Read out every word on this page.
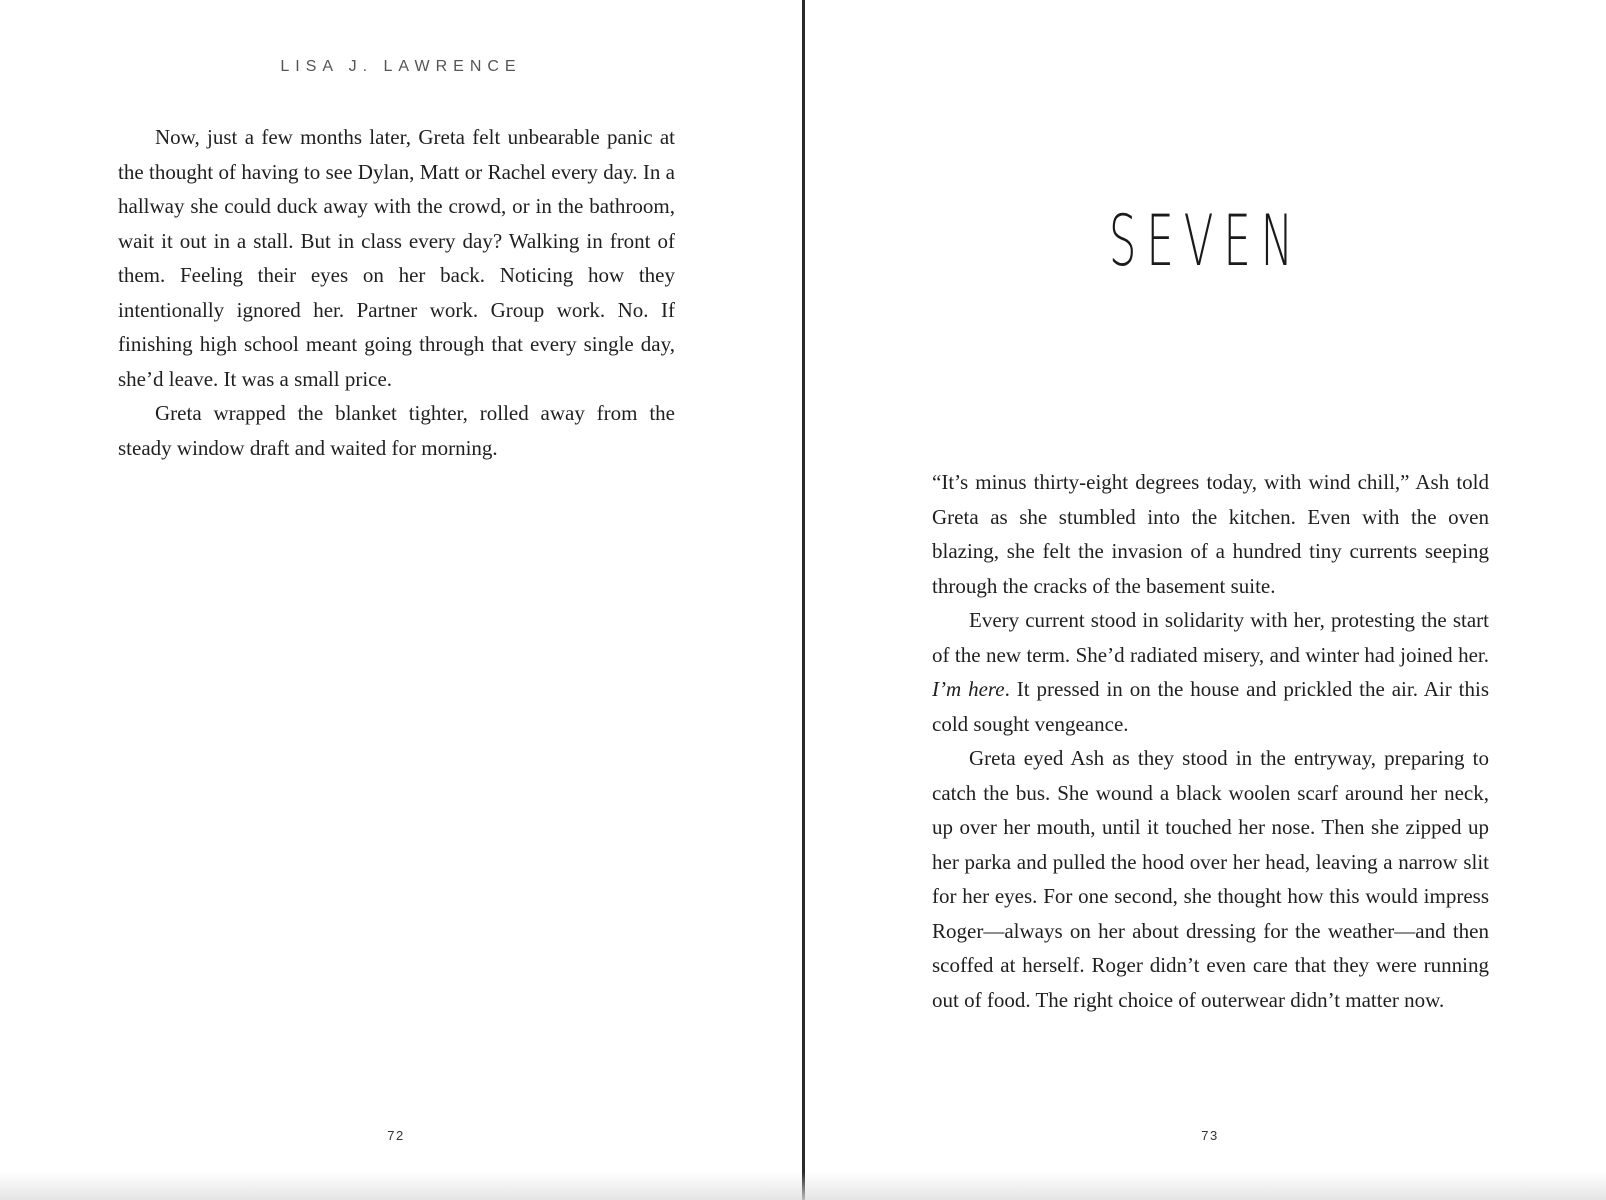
LISA J. LAWRENCE

Now, just a few months later, Greta felt unbearable panic at the thought of having to see Dylan, Matt or Rachel every day. In a hallway she could duck away with the crowd, or in the bathroom, wait it out in a stall. But in class every day? Walking in front of them. Feeling their eyes on her back. Noticing how they intentionally ignored her. Partner work. Group work. No. If finishing high school meant going through that every single day, she’d leave. It was a small price.

Greta wrapped the blanket tighter, rolled away from the steady window draft and waited for morning.

72
SEVEN

“It’s minus thirty-eight degrees today, with wind chill,” Ash told Greta as she stumbled into the kitchen. Even with the oven blazing, she felt the invasion of a hundred tiny currents seeping through the cracks of the basement suite.

Every current stood in solidarity with her, protesting the start of the new term. She’d radiated misery, and winter had joined her. I’m here. It pressed in on the house and prickled the air. Air this cold sought vengeance.

Greta eyed Ash as they stood in the entryway, preparing to catch the bus. She wound a black woolen scarf around her neck, up over her mouth, until it touched her nose. Then she zipped up her parka and pulled the hood over her head, leaving a narrow slit for her eyes. For one second, she thought how this would impress Roger—always on her about dressing for the weather—and then scoffed at herself. Roger didn’t even care that they were running out of food. The right choice of outerwear didn’t matter now.

73
